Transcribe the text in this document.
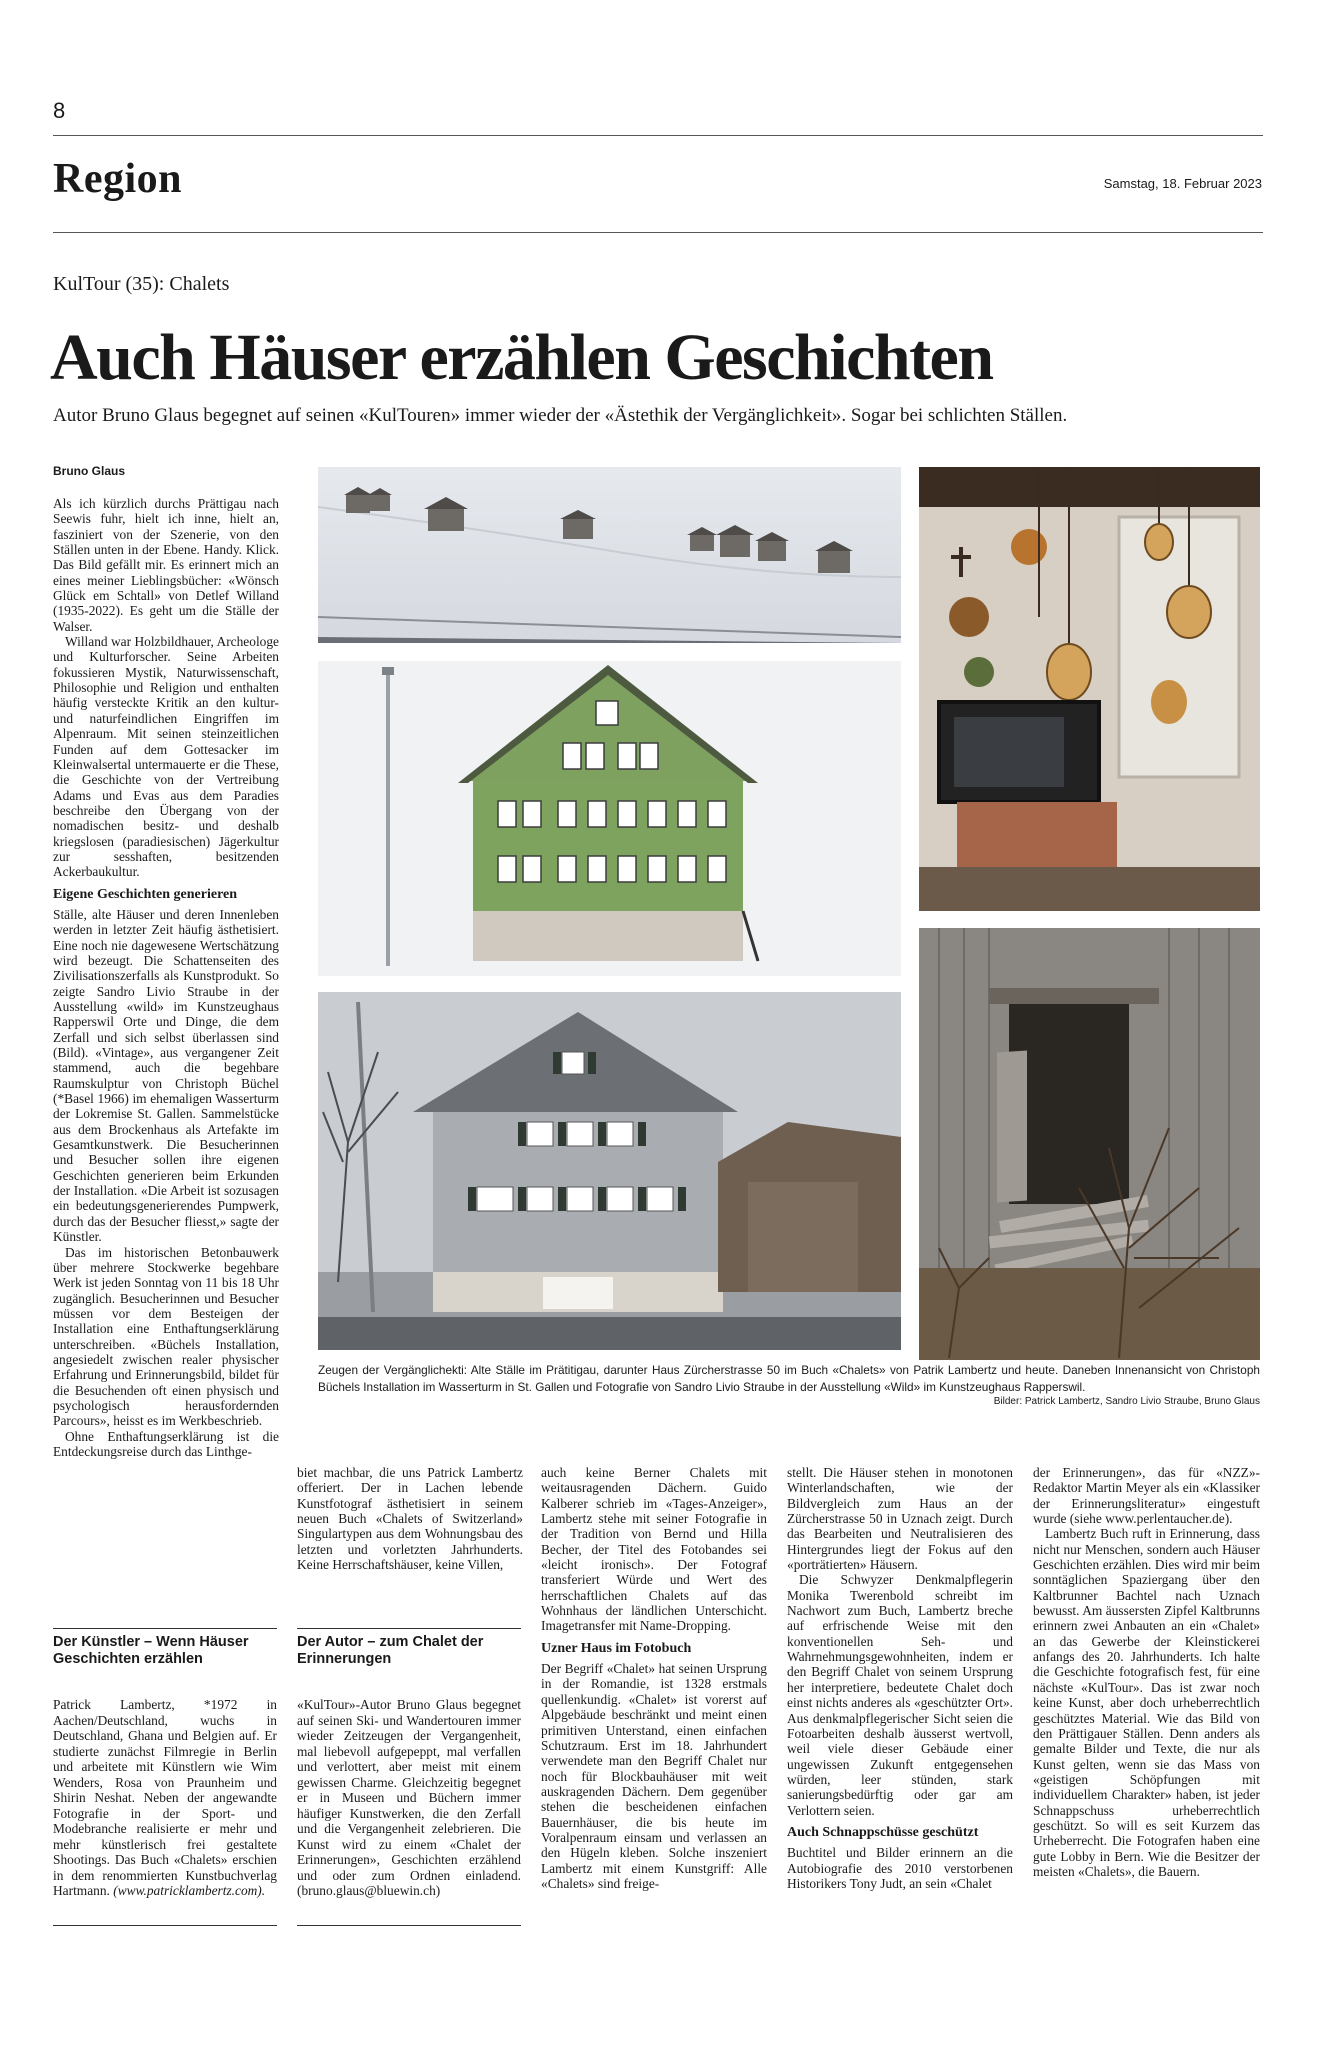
8
Region	Samstag, 18. Februar 2023
KulTour (35): Chalets
Auch Häuser erzählen Geschichten
Autor Bruno Glaus begegnet auf seinen «KulTouren» immer wieder der «Ästethik der Vergänglichkeit». Sogar bei schlichten Ställen.
Bruno Glaus

Als ich kürzlich durchs Prättigau nach Seewis fuhr, hielt ich inne, hielt an, fasziniert von der Szenerie, von den Ställen unten in der Ebene. Handy. Klick. Das Bild gefällt mir. Es erinnert mich an eines meiner Lieblingsbücher: «Wönsch Glück em Schtall» von Detlef Willand (1935-2022). Es geht um die Ställe der Walser.

Willand war Holzbildhauer, Archeologe und Kulturforscher. Seine Arbeiten fokussieren Mystik, Naturwissenschaft, Philosophie und Religion und enthalten häufig versteckte Kritik an den kultur- und naturfeindlichen Eingriffen im Alpenraum. Mit seinen steinzeitlichen Funden auf dem Gottesacker im Kleinwalsertal untermauerte er die These, die Geschichte von der Vertreibung Adams und Evas aus dem Paradies beschreibe den Übergang von der nomadischen besitz- und deshalb kriegslosen (paradiesischen) Jägerkultur zur sesshaften, besitzenden Ackerbaukultur.

Eigene Geschichten generieren

Ställe, alte Häuser und deren Innenleben werden in letzter Zeit häufig ästhetisiert. Eine noch nie dagewesene Wertschätzung wird bezeugt. Die Schattenseiten des Zivilisationszerfalls als Kunstprodukt. So zeigte Sandro Livio Straube in der Ausstellung «wild» im Kunstzeughaus Rapperswil Orte und Dinge, die dem Zerfall und sich selbst überlassen sind (Bild). «Vintage», aus vergangener Zeit stammend, auch die begehbare Raumskulptur von Christoph Büchel (*Basel 1966) im ehemaligen Wasserturm der Lokremise St. Gallen. Sammelstücke aus dem Brockenhaus als Artefakte im Gesamtkunstwerk. Die Besucherinnen und Besucher sollen ihre eigenen Geschichten generieren beim Erkunden der Installation. «Die Arbeit ist sozusagen ein bedeutungsgenerierendes Pumpwerk, durch das der Besucher fliesst,» sagte der Künstler.

Das im historischen Betonbauwerk über mehrere Stockwerke begehbare Werk ist jeden Sonntag von 11 bis 18 Uhr zugänglich. Besucherinnen und Besucher müssen vor dem Besteigen der Installation eine Enthaftungserklärung unterschreiben. «Büchels Installation, angesiedelt zwischen realer physischer Erfahrung und Erinnerungsbild, bildet für die Besuchenden oft einen physisch und psychologisch herausfordernden Parcours», heisst es im Werkbeschrieb.

Ohne Enthaftungserklärung ist die Entdeckungsreise durch das Linthge-

Zeugen der Vergänglichekti: Alte Ställe im Prätitigau, darunter Haus Zürcherstrasse 50 im Buch «Chalets» von Patrik Lambertz und heute. Daneben Innenansicht von Christoph Büchels Installation im Wasserturm in St. Gallen und Fotografie von Sandro Livio Straube in der Ausstellung «Wild» im Kunstzeughaus Rapperswil.
Bilder: Patrick Lambertz, Sandro Livio Straube, Bruno Glaus

biet machbar, die uns Patrick Lambertz offeriert. Der in Lachen lebende Kunstfotograf ästhetisiert in seinem neuen Buch «Chalets of Switzerland» Singulartypen aus dem Wohnungsbau des letzten und vorletzten Jahrhunderts. Keine Herrschaftshäuser, keine Villen,

auch keine Berner Chalets mit weitausragenden Dächern. Guido Kalberer schrieb im «Tages-Anzeiger», Lambertz stehe mit seiner Fotografie in der Tradition von Bernd und Hilla Becher, der Titel des Fotobandes sei «leicht ironisch». Der Fotograf transferiert Würde und Wert des herrschaftlichen Chalets auf das Wohnhaus der ländlichen Unterschicht. Imagetransfer mit Name-Dropping.

Uzner Haus im Fotobuch

Der Begriff «Chalet» hat seinen Ursprung in der Romandie, ist 1328 erstmals quellenkundig. «Chalet» ist vorerst auf Alpgebäude beschränkt und meint einen primitiven Unterstand, einen einfachen Schutzraum. Erst im 18. Jahrhundert verwendete man den Begriff Chalet nur noch für Blockbauhäuser mit weit auskragenden Dächern. Dem gegenüber stehen die bescheidenen einfachen Bauernhäuser, die bis heute im Voralpenraum einsam und verlassen an den Hügeln kleben. Solche inszeniert Lambertz mit einem Kunstgriff: Alle «Chalets» sind freige-

stellt. Die Häuser stehen in monotonen Winterlandschaften, wie der Bildvergleich zum Haus an der Zürcherstrasse 50 in Uznach zeigt. Durch das Bearbeiten und Neutralisieren des Hintergrundes liegt der Fokus auf den «porträtierten» Häusern.

Die Schwyzer Denkmalpflegerin Monika Twerenbold schreibt im Nachwort zum Buch, Lambertz breche auf erfrischende Weise mit den konventionellen Seh- und Wahrnehmungsgewohnheiten, indem er den Begriff Chalet von seinem Ursprung her interpretiere, bedeutete Chalet doch einst nichts anderes als «geschützter Ort». Aus denkmalpflegerischer Sicht seien die Fotoarbeiten deshalb äusserst wertvoll, weil viele dieser Gebäude einer ungewissen Zukunft entgegensehen würden, leer stünden, stark sanierungsbedürftig oder gar am Verlottern seien.

Auch Schnappschüsse geschützt

Buchtitel und Bilder erinnern an die Autobiografie des 2010 verstorbenen Historikers Tony Judt, an sein «Chalet

der Erinnerungen», das für «NZZ»-Redaktor Martin Meyer als ein «Klassiker der Erinnerungsliteratur» eingestuft wurde (siehe www.perlentaucher.de).

Lambertz Buch ruft in Erinnerung, dass nicht nur Menschen, sondern auch Häuser Geschichten erzählen. Dies wird mir beim sonntäglichen Spaziergang über den Kaltbrunner Bachtel nach Uznach bewusst. Am äussersten Zipfel Kaltbrunns erinnern zwei Anbauten an ein «Chalet» an das Gewerbe der Kleinstickerei anfangs des 20. Jahrhunderts. Ich halte die Geschichte fotografisch fest, für eine nächste «KulTour». Das ist zwar noch keine Kunst, aber doch urheberrechtlich geschütztes Material. Wie das Bild von den Prättigauer Ställen. Denn anders als gemalte Bilder und Texte, die nur als Kunst gelten, wenn sie das Mass von «geistigen Schöpfungen mit individuellem Charakter» haben, ist jeder Schnappschuss urheberrechtlich geschützt. So will es seit Kurzem das Urheberrecht. Die Fotografen haben eine gute Lobby in Bern. Wie die Besitzer der meisten «Chalets», die Bauern.

Der Künstler – Wenn Häuser Geschichten erzählen
Patrick Lambertz, *1972 in Aachen/Deutschland, wuchs in Deutschland, Ghana und Belgien auf. Er studierte zunächst Filmregie in Berlin und arbeitete mit Künstlern wie Wim Wenders, Rosa von Praunheim und Shirin Neshat. Neben der angewandte Fotografie in der Sport- und Modebranche realisierte er mehr und mehr künstlerisch frei gestaltete Shootings. Das Buch «Chalets» erschien in dem renommierten Kunstbuchverlag Hartmann. (www.patricklambertz.com).
Der Autor – zum Chalet der Erinnerungen
«KulTour»-Autor Bruno Glaus begegnet auf seinen Ski- und Wandertouren immer wieder Zeitzeugen der Vergangenheit, mal liebevoll aufgepeppt, mal verfallen und verlottert, aber meist mit einem gewissen Charme. Gleichzeitig begegnet er in Museen und Büchern immer häufiger Kunstwerken, die den Zerfall und die Vergangenheit zelebrieren. Die Kunst wird zu einem «Chalet der Erinnerungen», Geschichten erzählend und oder zum Ordnen einladend. (bruno.glaus@bluewin.ch)
